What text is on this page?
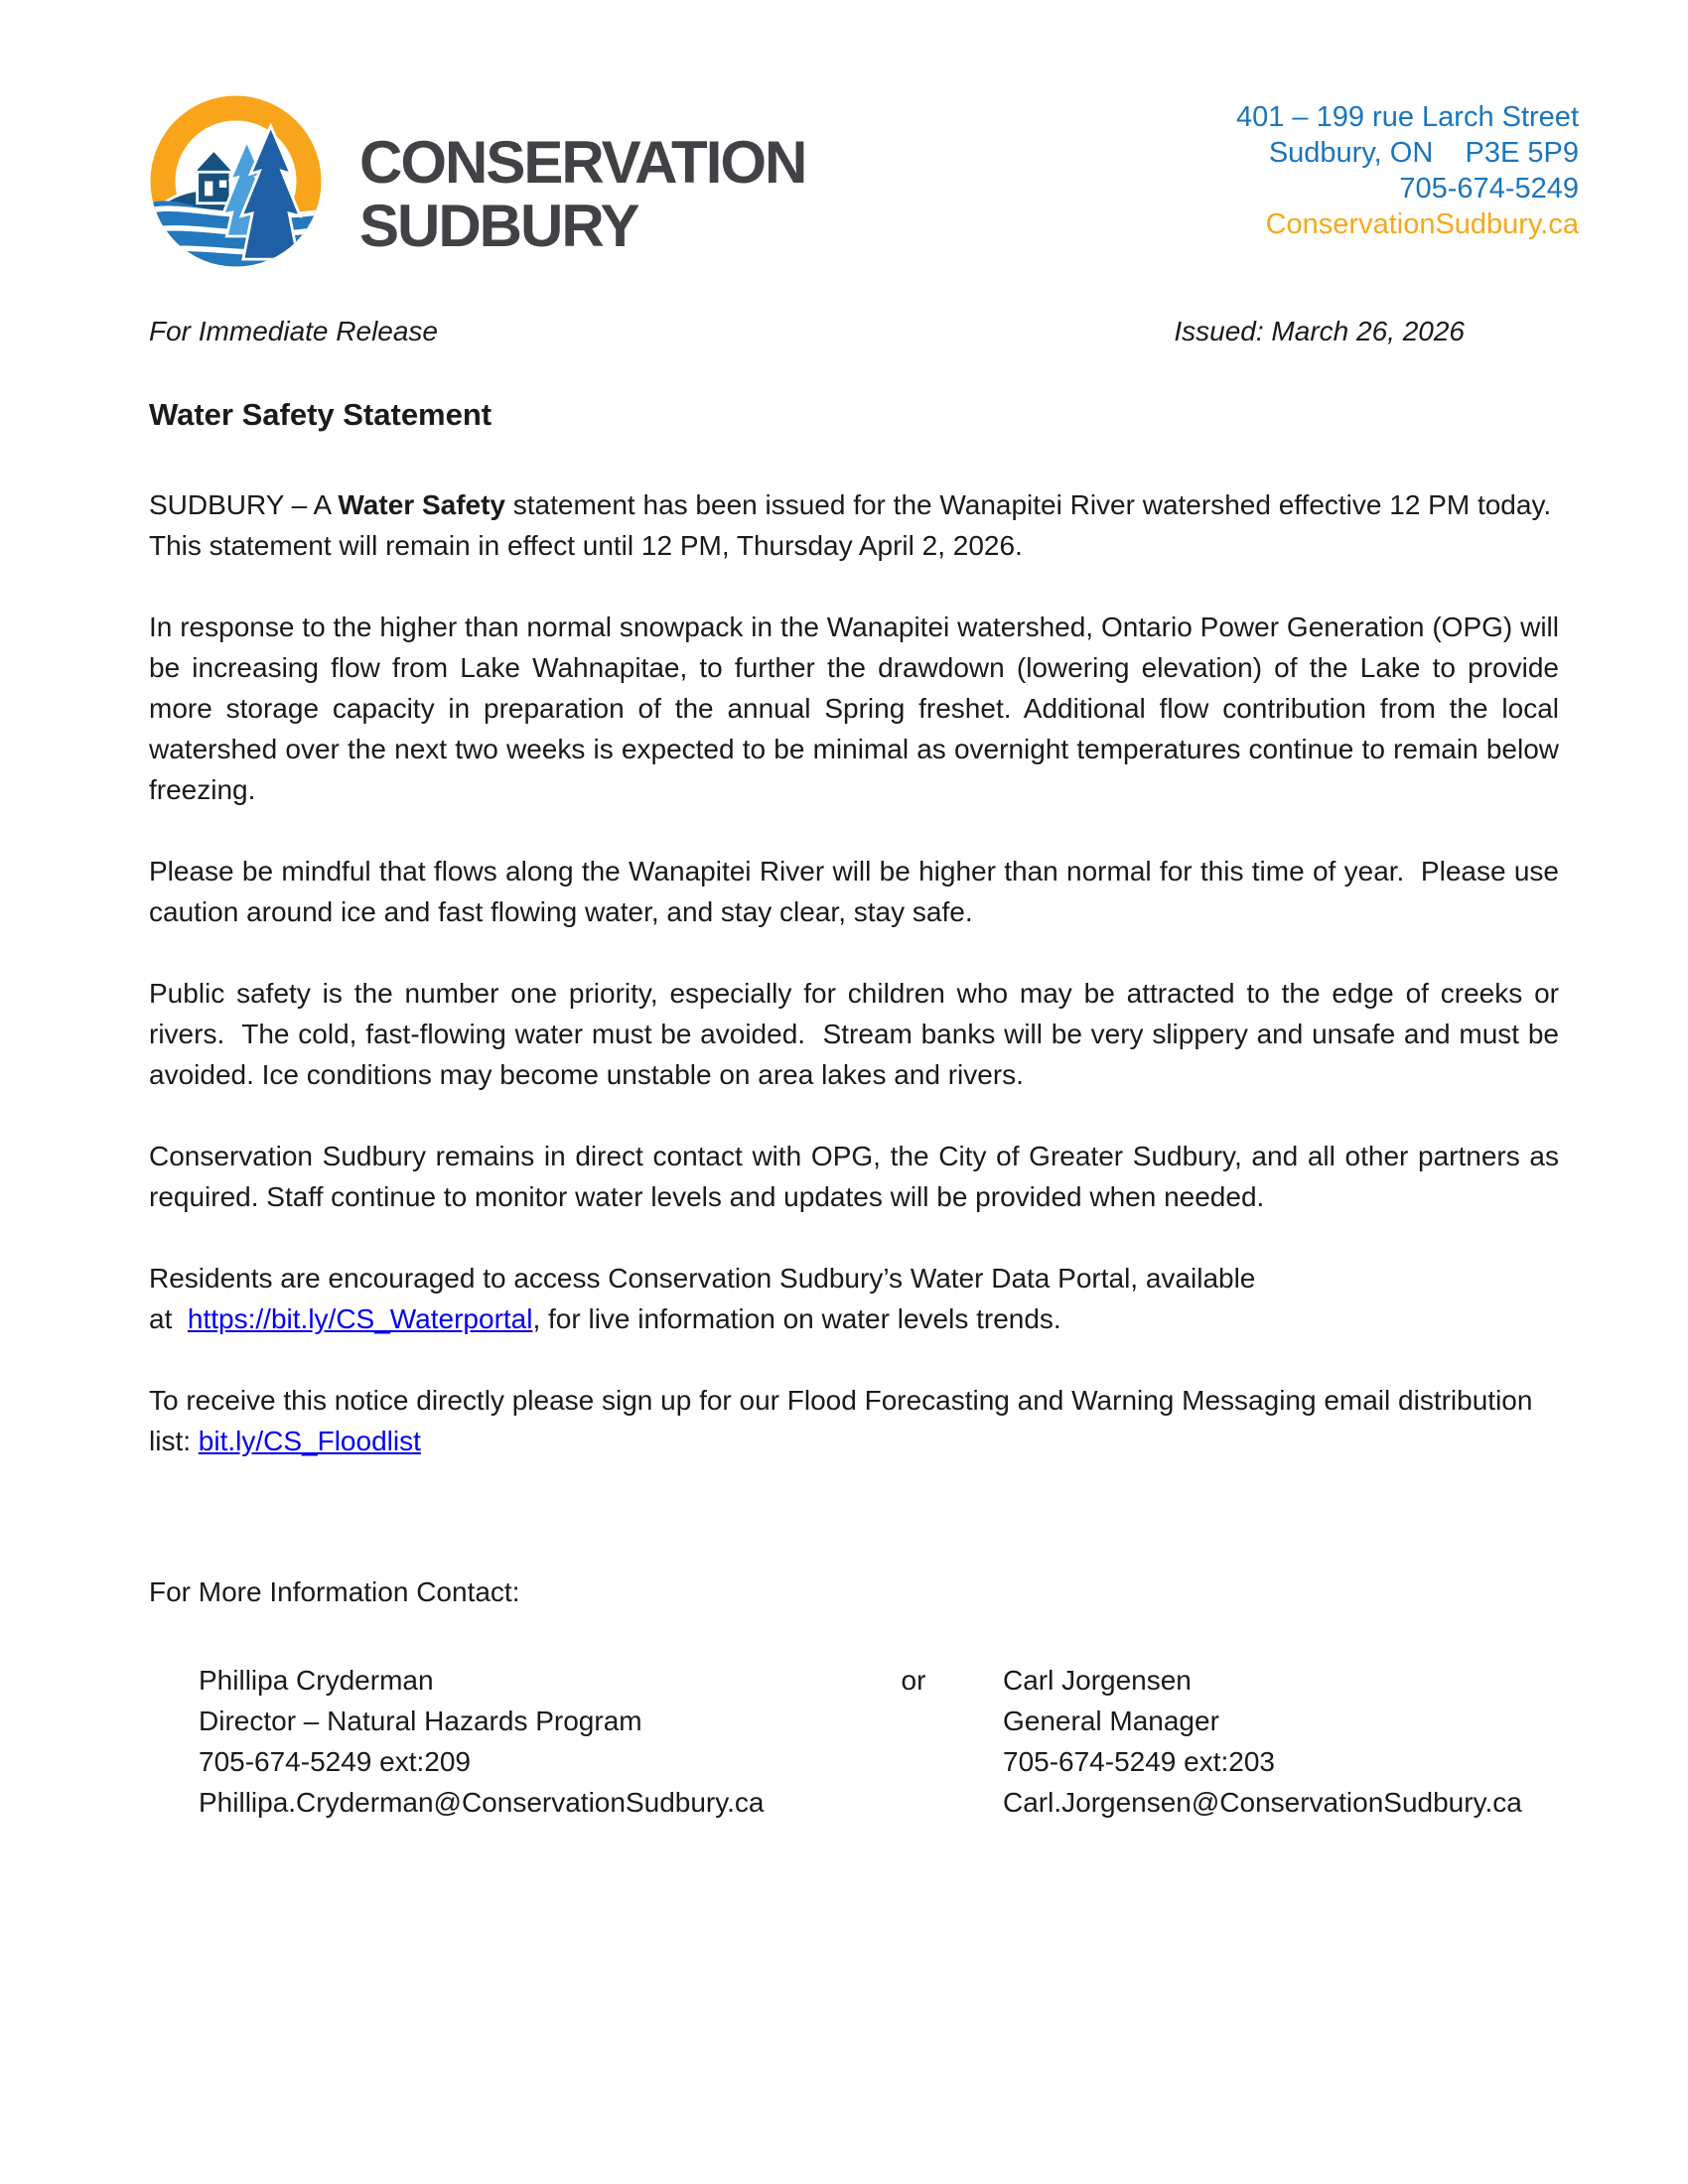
CONSERVATION
SUDBURY
401 – 199 rue Larch Street
Sudbury, ON    P3E 5P9
705-674-5249
ConservationSudbury.ca
For Immediate Release	Issued: March 26, 2026
Water Safety Statement

SUDBURY – A Water Safety statement has been issued for the Wanapitei River watershed effective 12 PM today. This statement will remain in effect until 12 PM, Thursday April 2, 2026.

In response to the higher than normal snowpack in the Wanapitei watershed, Ontario Power Generation (OPG) will be increasing flow from Lake Wahnapitae, to further the drawdown (lowering elevation) of the Lake to provide more storage capacity in preparation of the annual Spring freshet. Additional flow contribution from the local watershed over the next two weeks is expected to be minimal as overnight temperatures continue to remain below freezing.

Please be mindful that flows along the Wanapitei River will be higher than normal for this time of year.  Please use caution around ice and fast flowing water, and stay clear, stay safe.

Public safety is the number one priority, especially for children who may be attracted to the edge of creeks or rivers.  The cold, fast-flowing water must be avoided.  Stream banks will be very slippery and unsafe and must be avoided. Ice conditions may become unstable on area lakes and rivers.

Conservation Sudbury remains in direct contact with OPG, the City of Greater Sudbury, and all other partners as required. Staff continue to monitor water levels and updates will be provided when needed.

Residents are encouraged to access Conservation Sudbury’s Water Data Portal, available
at  https://bit.ly/CS_Waterportal, for live information on water levels trends.

To receive this notice directly please sign up for our Flood Forecasting and Warning Messaging email distribution list: bit.ly/CS_Floodlist

For More Information Contact:
Phillipa Cryderman
Director – Natural Hazards Program
705-674-5249 ext:209
Phillipa.Cryderman@ConservationSudbury.ca
or	Carl Jorgensen
General Manager
705-674-5249 ext:203
Carl.Jorgensen@ConservationSudbury.ca
